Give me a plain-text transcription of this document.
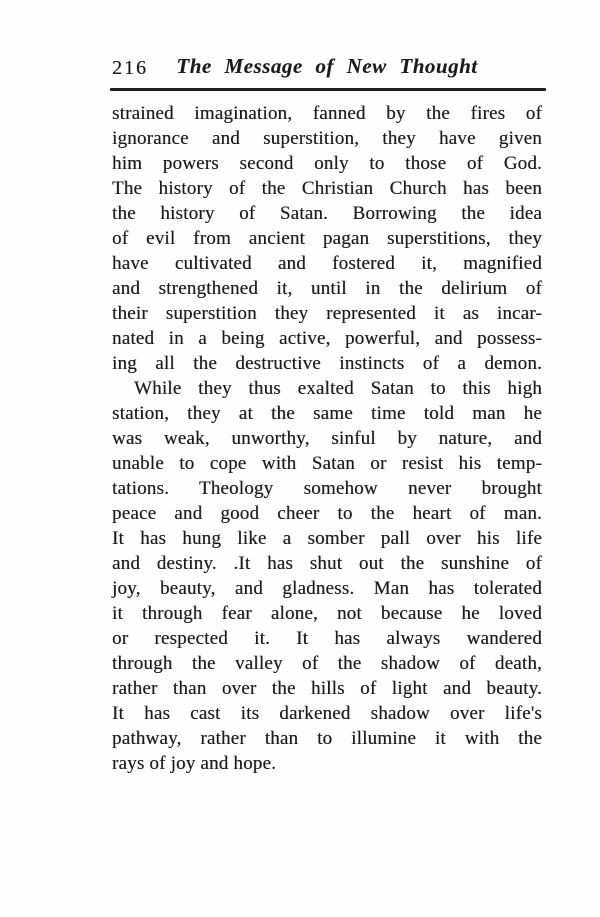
216	The Message of New Thought
strained imagination, fanned by the fires of
ignorance and superstition, they have given
him powers second only to those of God.
The history of the Christian Church has been
the history of Satan. Borrowing the idea
of evil from ancient pagan superstitions, they
have cultivated and fostered it, magnified
and strengthened it, until in the delirium of
their superstition they represented it as incar-
nated in a being active, powerful, and possess-
ing all the destructive instincts of a demon.
While they thus exalted Satan to this high
station, they at the same time told man he
was weak, unworthy, sinful by nature, and
unable to cope with Satan or resist his temp-
tations. Theology somehow never brought
peace and good cheer to the heart of man.
It has hung like a somber pall over his life
and destiny. .It has shut out the sunshine of
joy, beauty, and gladness. Man has tolerated
it through fear alone, not because he loved
or respected it. It has always wandered
through the valley of the shadow of death,
rather than over the hills of light and beauty.
It has cast its darkened shadow over life's
pathway, rather than to illumine it with the
rays of joy and hope.
